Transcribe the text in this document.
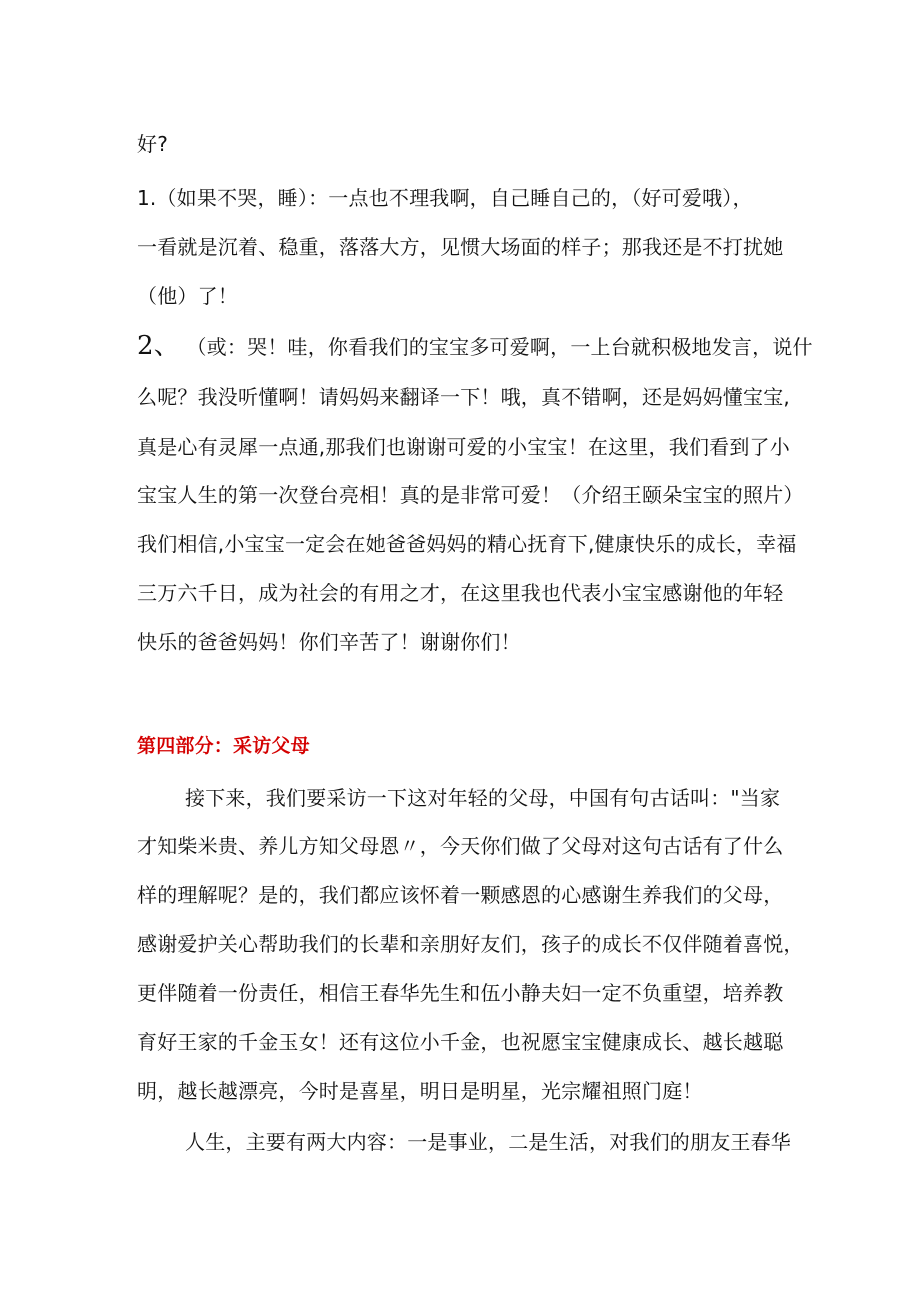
好?
1.（如果不哭，睡）：一点也不理我啊，自己睡自己的，（好可爱哦），
一看就是沉着、稳重，落落大方，见惯大场面的样子；那我还是不打扰她
（他）了！
2、 （或：哭！哇，你看我们的宝宝多可爱啊，一上台就积极地发言，说什
么呢？我没听懂啊！请妈妈来翻译一下！哦，真不错啊，还是妈妈懂宝宝,
真是心有灵犀一点通,那我们也谢谢可爱的小宝宝！在这里，我们看到了小
宝宝人生的第一次登台亮相！真的是非常可爱！（介绍王颐朵宝宝的照片）
我们相信,小宝宝一定会在她爸爸妈妈的精心抚育下,健康快乐的成长，幸福
三万六千日，成为社会的有用之才，在这里我也代表小宝宝感谢他的年轻
快乐的爸爸妈妈！你们辛苦了！谢谢你们！
第四部分：采访父母
接下来，我们要采访一下这对年轻的父母，中国有句古话叫："当家
才知柴米贵、养儿方知父母恩〃，今天你们做了父母对这句古话有了什么
样的理解呢？是的，我们都应该怀着一颗感恩的心感谢生养我们的父母，
感谢爱护关心帮助我们的长辈和亲朋好友们，孩子的成长不仅伴随着喜悦，
更伴随着一份责任，相信王春华先生和伍小静夫妇一定不负重望，培养教
育好王家的千金玉女！还有这位小千金，也祝愿宝宝健康成长、越长越聪
明，越长越漂亮，今时是喜星，明日是明星，光宗耀祖照门庭！
人生，主要有两大内容：一是事业，二是生活，对我们的朋友王春华
